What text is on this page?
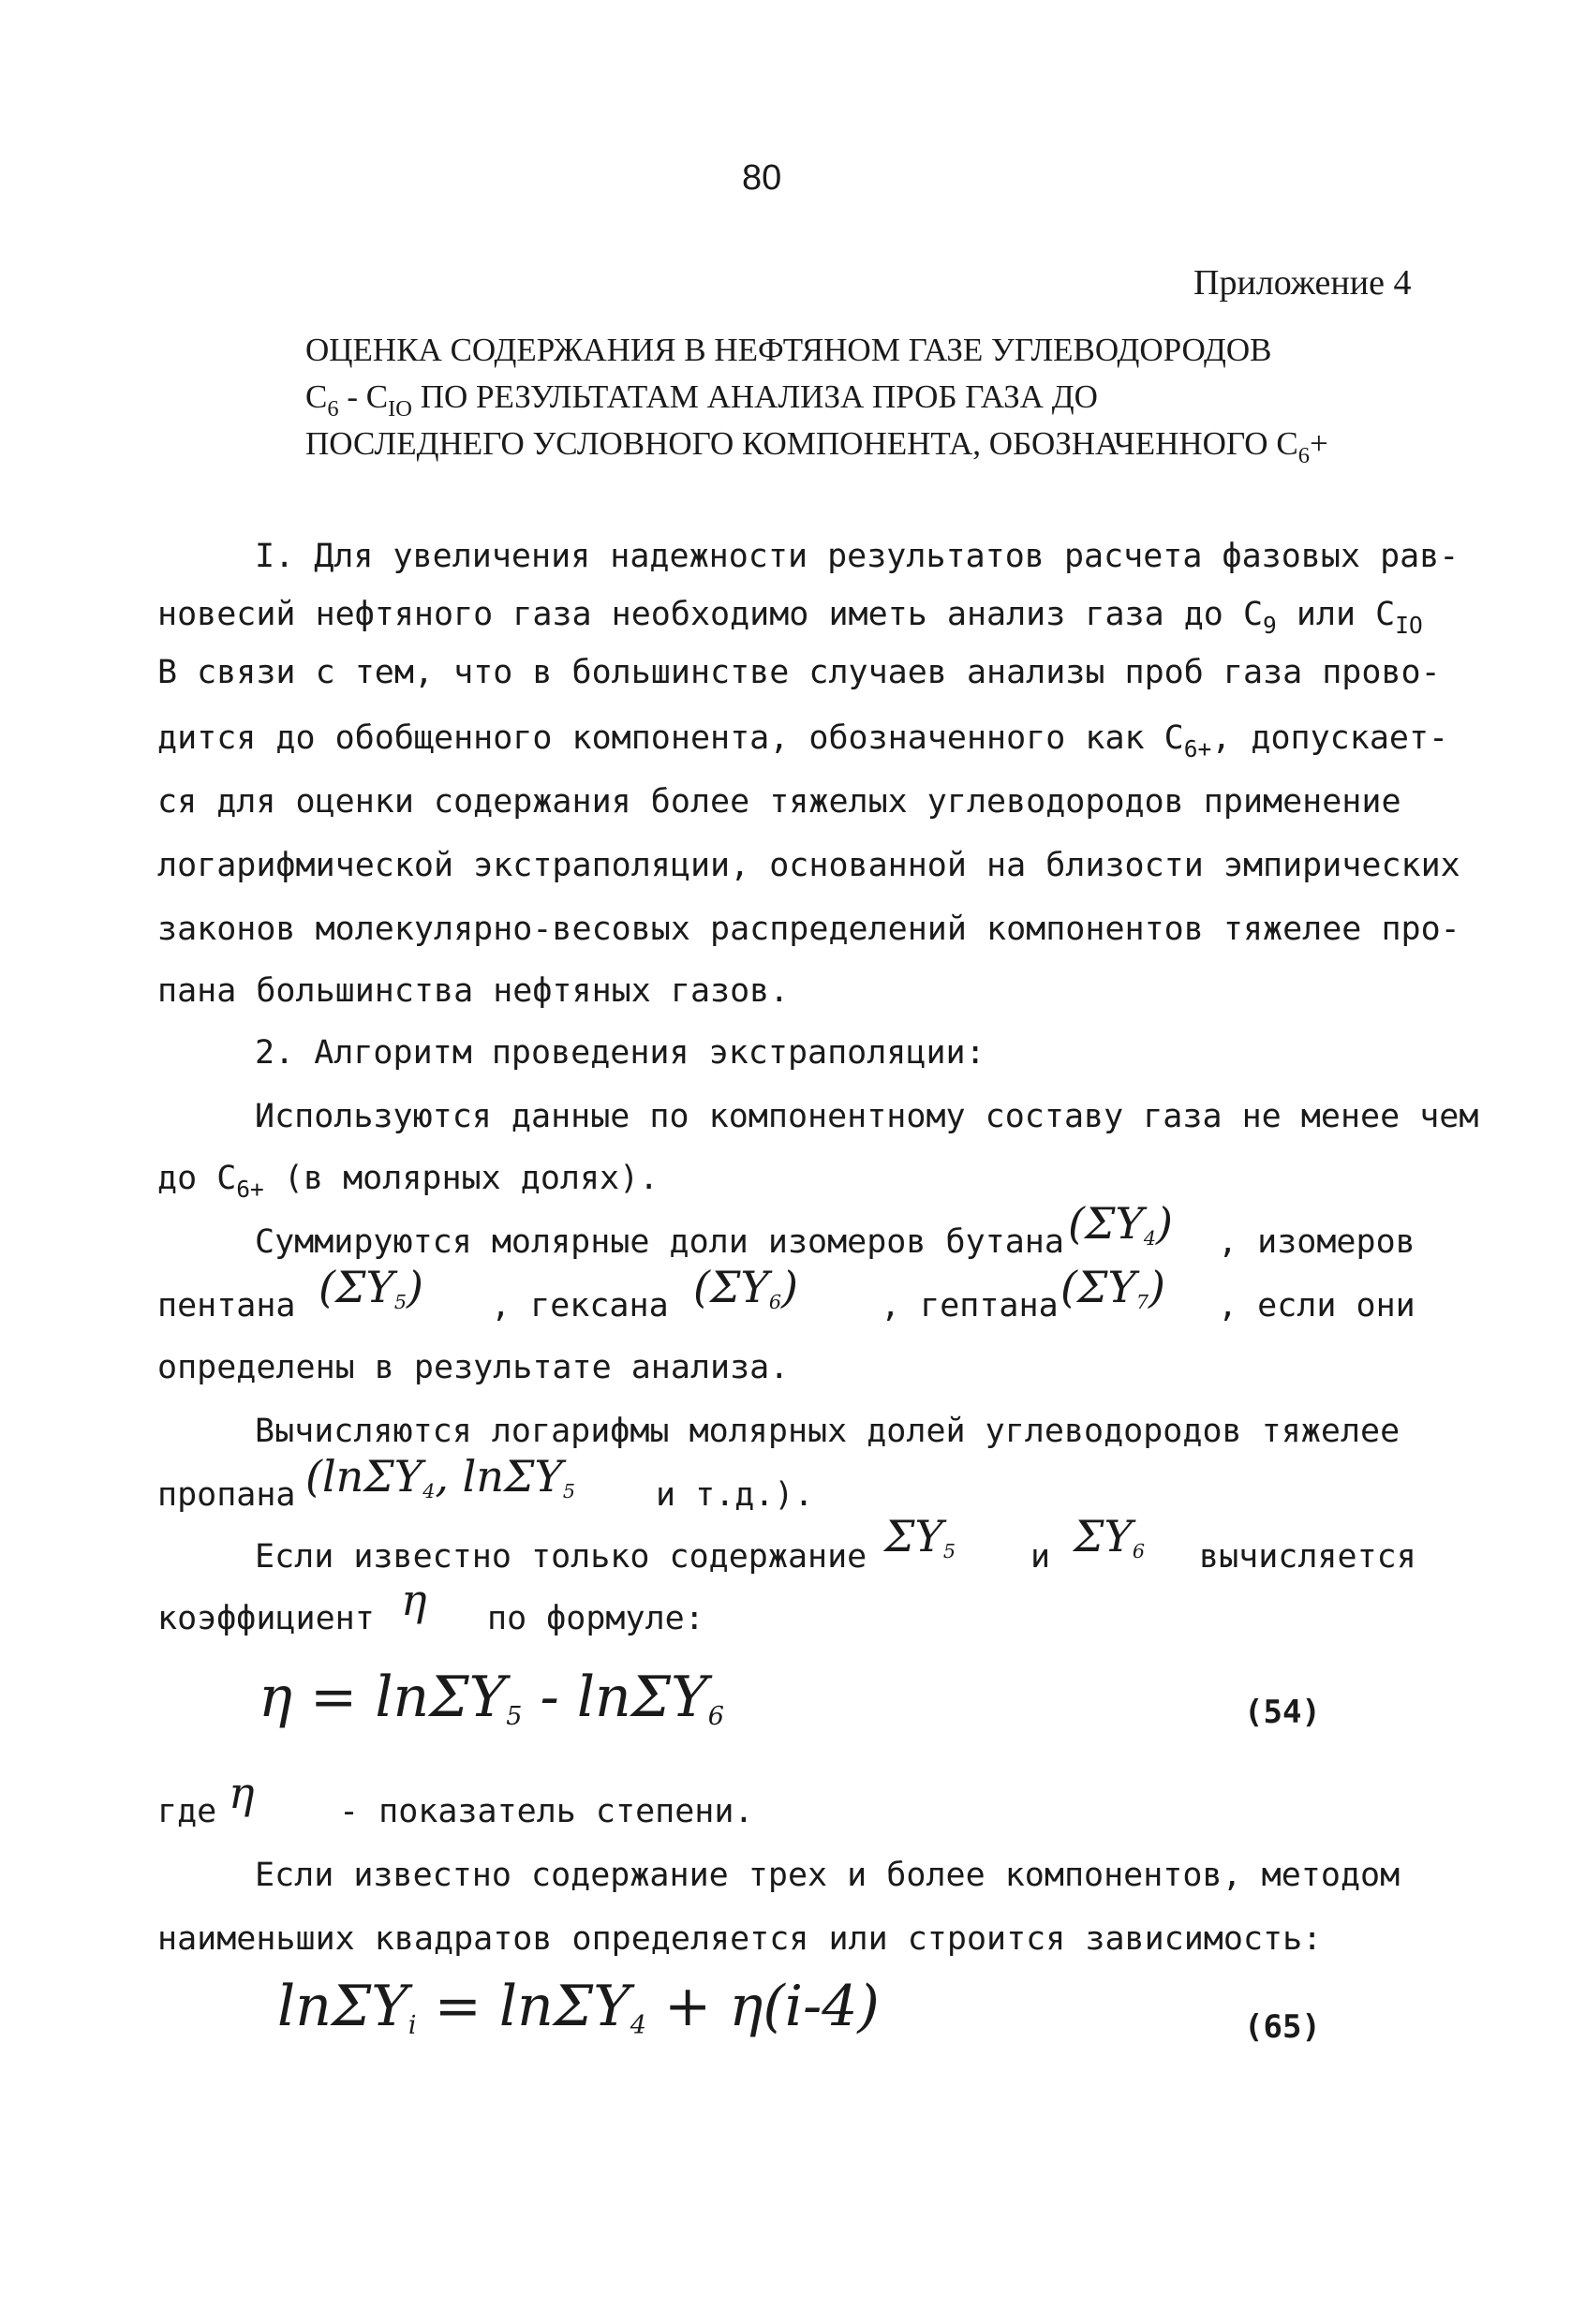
80
Приложение 4
ОЦЕНКА СОДЕРЖАНИЯ В НЕФТЯНОМ ГАЗЕ УГЛЕВОДОРОДОВ
$С_6 - С_{IO}$ ПО РЕЗУЛЬТАТАМ АНАЛИЗА ПРОБ ГАЗА ДО
ПОСЛЕДНЕГО УСЛОВНОГО КОМПОНЕНТА, ОБОЗНАЧЕННОГО $С_6+$
I. Для увеличения надежности результатов расчета фазовых рав-
новесий нефтяного газа необходимо иметь анализ газа до $С_9$ или $С_{IO}$
В связи с тем, что в большинстве случаев анализы проб газа прово-
дится до обобщенного компонента, обозначенного как $С_{6+}$, допускает-
ся для оценки содержания более тяжелых углеводородов применение
логарифмической экстраполяции, основанной на близости эмпирических
законов молекулярно-весовых распределений компонентов тяжелее про-
пана большинства нефтяных газов.
2. Алгоритм проведения экстраполяции:
Используются данные по компонентному составу газа не менее чем
до $С_{6+}$ (в молярных долях).
Суммируются молярные доли изомеров бутана (ΣY4) , изомеров
пентана (ΣY5) , гексана (ΣY6)	, гептана (ΣY7) , если они
определены в результате анализа.
Вычисляются логарифмы молярных долей углеводородов тяжелее
пропана (lnΣY4, lnΣY5 и т.д.).
Если известно только содержание ΣY5 и ΣY6 вычисляется
коэффициент η по формуле:
η = lnΣY5 - lnΣY6	(54)
где η	- показатель степени.
Если известно содержание трех и более компонентов, методом
наименьших квадратов определяется или строится зависимость:
lnΣYi = lnΣY4 + η(i-4)	(65)
